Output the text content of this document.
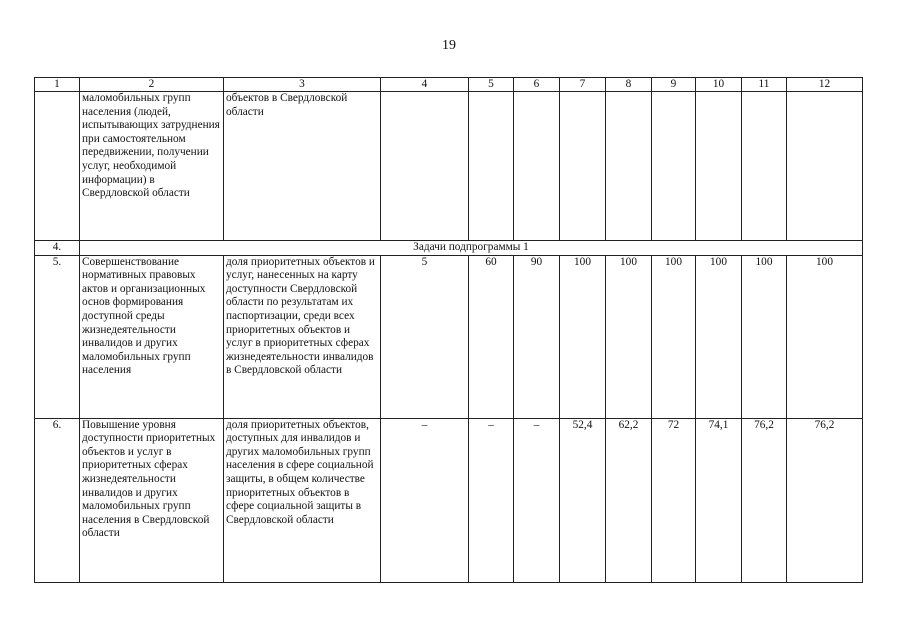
19
1	2	3	4	5	6	7	8	9	10	11	12
	маломобильных групп населения (людей, испытывающих затруднения при самостоятельном передвижении, получении услуг, необходимой информации) в Свердловской области	объектов в Свердловской области									
4.	Задачи подпрограммы 1										
5.	Совершенствование нормативных правовых актов и организационных основ формирования доступной среды жизнедеятельности инвалидов и других маломобильных групп населения	доля приоритетных объектов и услуг, нанесенных на карту доступности Свердловской области по результатам их паспортизации, среди всех приоритетных объектов и услуг в приоритетных сферах жизнедеятельности инвалидов в Свердловской области	5	60	90	100	100	100	100	100	100
6.	Повышение уровня доступности приоритетных объектов и услуг в приоритетных сферах жизнедеятельности инвалидов и других маломобильных групп населения в Свердловской области	доля приоритетных объектов, доступных для инвалидов и других маломобильных групп населения в сфере социальной защиты, в общем количестве приоритетных объектов в сфере социальной защиты в Свердловской области	–	–	–	52,4	62,2	72	74,1	76,2	76,2
